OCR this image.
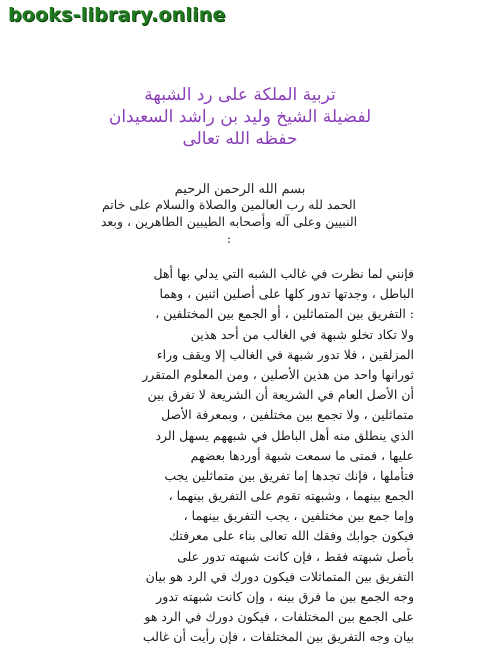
تربية الملكة على رد الشبهة
لفضيلة الشيخ وليد بن راشد السعيدان
حفظه الله تعالى
بسم الله الرحمن الرحيم
الحمد لله رب العالمين والصلاة والسلام على خاتم
النبيين وعلى آله وأصحابه الطيبين الطاهرين ، وبعد
:
فإنني لما نظرت في غالب الشبه التي يدلي بها أهل
الباطل ، وجدتها تدور كلها على أصلين اثنين ، وهما
: التفريق بين المتماثلين ، أو الجمع بين المختلفين ،
ولا تكاد تخلو شبهة في الغالب من أحد هذين
المزلقين ، فلا تدور شبهة في الغالب إلا ويقف وراء
ثورانها واحد من هذين الأصلين ، ومن المعلوم المتقرر
أن الأصل العام في الشريعة أن الشريعة لا تفرق بين
متماثلين ، ولا تجمع بين مختلفين ، وبمعرفة الأصل
الذي ينطلق منه أهل الباطل في شبههم يسهل الرد
عليها ، فمتى ما سمعت شبهة أوردها بعضهم
فتأملها ، فإنك تجدها إما تفريق بين متماثلين يجب
الجمع بينهما ، وشبهته تقوم على التفريق بينهما ،
وإما جمع بين مختلفين ، يجب التفريق بينهما ،
فيكون جوابك وفقك الله تعالى بناء على معرفتك
بأصل شبهته فقط ، فإن كانت شبهته تدور على
التفريق بين المتماثلات فيكون دورك في الرد هو بيان
وجه الجمع بين ما فرق بينه ، وإن كانت شبهته تدور
على الجمع بين المختلفات ، فيكون دورك في الرد هو
بيان وجه التفريق بين المختلفات ، فإن رأيت أن غالب
books-library.online
